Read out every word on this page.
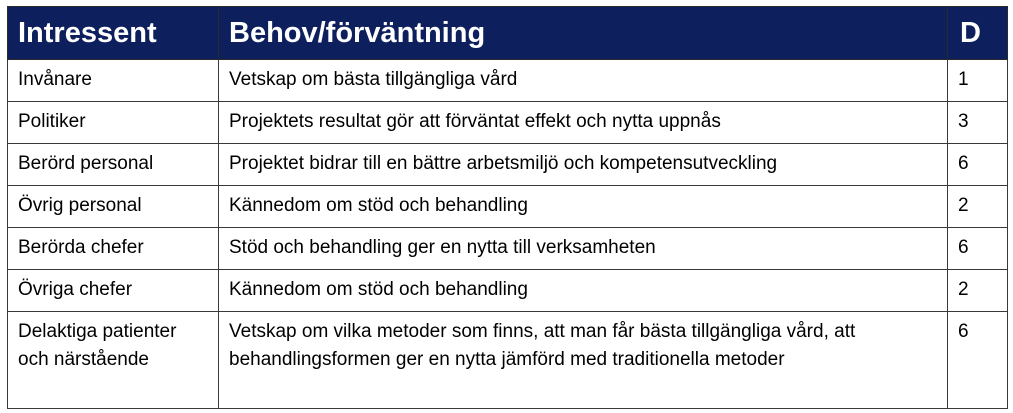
Intressent	Behov/förväntning	D
Invånare	Vetskap om bästa tillgängliga vård	1
Politiker	Projektets resultat gör att förväntat effekt och nytta uppnås	3
Berörd personal	Projektet bidrar till en bättre arbetsmiljö och kompetensutveckling	6
Övrig personal	Kännedom om stöd och behandling	2
Berörda chefer	Stöd och behandling ger en nytta till verksamheten	6
Övriga chefer	Kännedom om stöd och behandling	2
Delaktiga patienter och närstående	Vetskap om vilka metoder som finns, att man får bästa tillgängliga vård, att behandlingsformen ger en nytta jämförd med traditionella metoder	6
